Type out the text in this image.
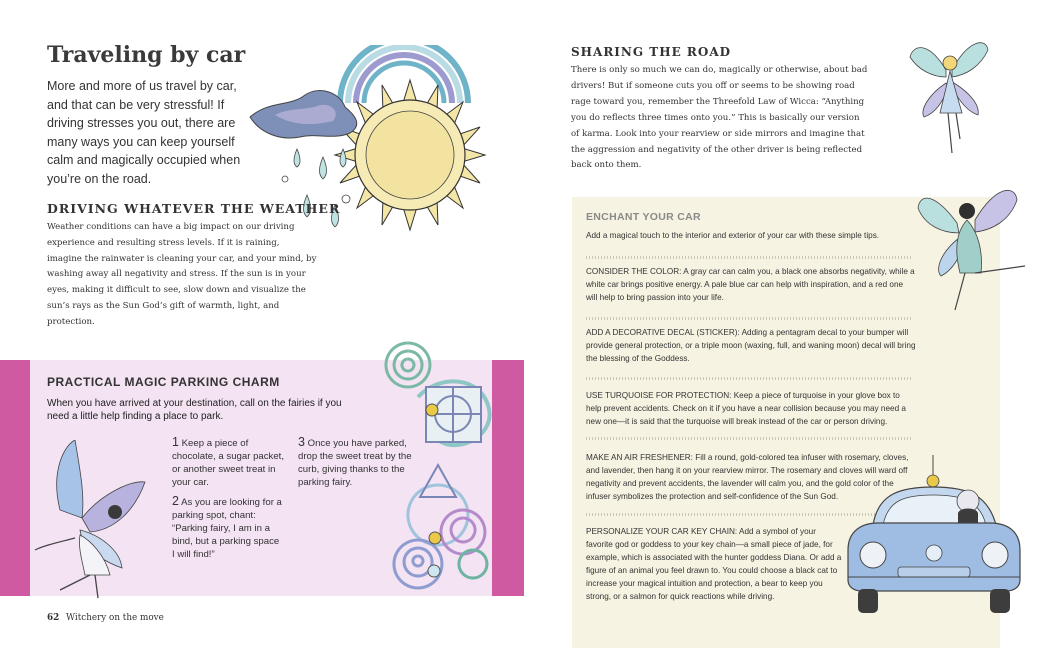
Traveling by car

More and more of us travel by car, and that can be very stressful! If driving stresses you out, there are many ways you can keep yourself calm and magically occupied when you’re on the road.

DRIVING WHATEVER THE WEATHER

Weather conditions can have a big impact on our driving experience and resulting stress levels. If it is raining, imagine the rainwater is cleaning your car, and your mind, by washing away all negativity and stress. If the sun is in your eyes, making it difficult to see, slow down and visualize the sun’s rays as the Sun God’s gift of warmth, light, and protection.

PRACTICAL MAGIC PARKING CHARM

When you have arrived at your destination, call on the fairies if you need a little help finding a place to park.

1 Keep a piece of chocolate, a sugar packet, or another sweet treat in your car.

2 As you are looking for a parking spot, chant: “Parking fairy, I am in a bind, but a parking space I will find!”

3 Once you have parked, drop the sweet treat by the curb, giving thanks to the parking fairy.

62 Witchery on the move

SHARING THE ROAD

There is only so much we can do, magically or otherwise, about bad drivers! But if someone cuts you off or seems to be showing road rage toward you, remember the Threefold Law of Wicca: “Anything you do reflects three times onto you.” This is basically our version of karma. Look into your rearview or side mirrors and imagine that the aggression and negativity of the other driver is being reflected back onto them.

ENCHANT YOUR CAR

Add a magical touch to the interior and exterior of your car with these simple tips.

CONSIDER THE COLOR: A gray car can calm you, a black one absorbs negativity, while a white car brings positive energy. A pale blue car can help with inspiration, and a red one will help to bring passion into your life.

ADD A DECORATIVE DECAL (STICKER): Adding a pentagram decal to your bumper will provide general protection, or a triple moon (waxing, full, and waning moon) decal will bring the blessing of the Goddess.

USE TURQUOISE FOR PROTECTION: Keep a piece of turquoise in your glove box to help prevent accidents. Check on it if you have a near collision because you may need a new one—it is said that the turquoise will break instead of the car or person driving.

MAKE AN AIR FRESHENER: Fill a round, gold-colored tea infuser with rosemary, cloves, and lavender, then hang it on your rearview mirror. The rosemary and cloves will ward off negativity and prevent accidents, the lavender will calm you, and the gold color of the infuser symbolizes the protection and self-confidence of the Sun God.

PERSONALIZE YOUR CAR KEY CHAIN: Add a symbol of your favorite god or goddess to your key chain—a small piece of jade, for example, which is associated with the hunter goddess Diana. Or add a figure of an animal you feel drawn to. You could choose a black cat to increase your magical intuition and protection, a bear to keep you strong, or a salmon for quick reactions while driving.
